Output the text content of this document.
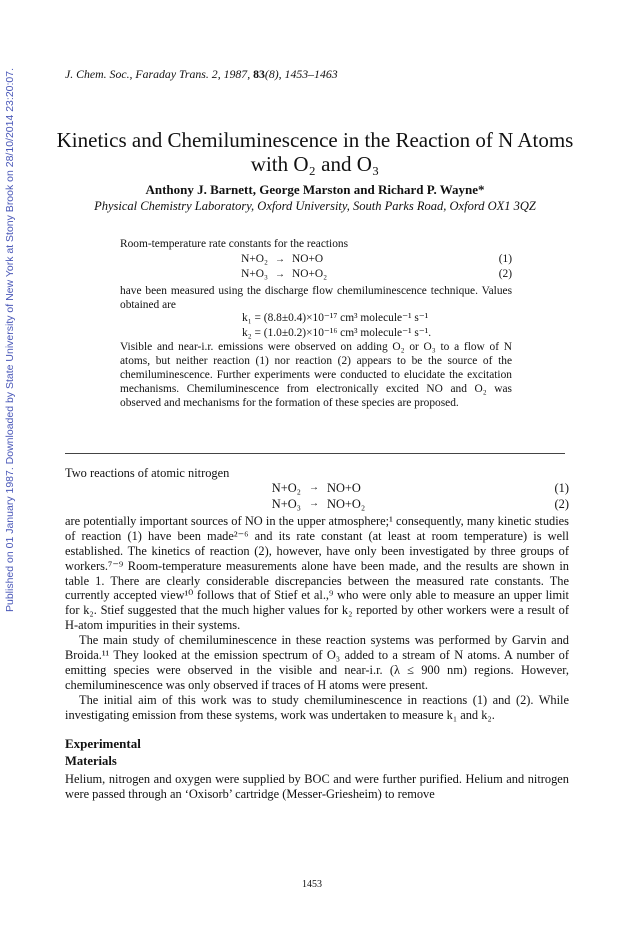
Published on 01 January 1987. Downloaded by State University of New York at Stony Brook on 28/10/2014 23:20:07.	J. Chem. Soc., Faraday Trans. 2, 1987, 83(8), 1453–1463
Kinetics and Chemiluminescence in the Reaction of N Atoms with O₂ and O₃
Anthony J. Barnett, George Marston and Richard P. Wayne*
Physical Chemistry Laboratory, Oxford University, South Parks Road, Oxford OX1 3QZ

Room-temperature rate constants for the reactions

N+O₂ → NO+O	(1)
N+O₃ → NO+O₂	(2)

have been measured using the discharge flow chemiluminescence technique. Values obtained are

k₁ = (8.8±0.4)×10⁻¹⁷ cm³ molecule⁻¹ s⁻¹

k₂ = (1.0±0.2)×10⁻¹⁶ cm³ molecule⁻¹ s⁻¹.

Visible and near-i.r. emissions were observed on adding O₂ or O₃ to a flow of N atoms, but neither reaction (1) nor reaction (2) appears to be the source of the chemiluminescence. Further experiments were conducted to elucidate the excitation mechanisms. Chemiluminescence from electronically excited NO and O₂ was observed and mechanisms for the formation of these species are proposed.

Two reactions of atomic nitrogen

N+O₂ → NO+O	(1)
N+O₃ → NO+O₂	(2)

are potentially important sources of NO in the upper atmosphere;¹ consequently, many kinetic studies of reaction (1) have been made²⁻⁶ and its rate constant (at least at room temperature) is well established. The kinetics of reaction (2), however, have only been investigated by three groups of workers.⁷⁻⁹ Room-temperature measurements alone have been made, and the results are shown in table 1. There are clearly considerable discrepancies between the measured rate constants. The currently accepted view¹⁰ follows that of Stief et al.,⁹ who were only able to measure an upper limit for k₂. Stief suggested that the much higher values for k₂ reported by other workers were a result of H-atom impurities in their systems.

The main study of chemiluminescence in these reaction systems was performed by Garvin and Broida.¹¹ They looked at the emission spectrum of O₃ added to a stream of N atoms. A number of emitting species were observed in the visible and near-i.r. (λ ≤ 900 nm) regions. However, chemiluminescence was only observed if traces of H atoms were present.

The initial aim of this work was to study chemiluminescence in reactions (1) and (2). While investigating emission from these systems, work was undertaken to measure k₁ and k₂.

Experimental

Materials

Helium, nitrogen and oxygen were supplied by BOC and were further purified. Helium and nitrogen were passed through an ‘Oxisorb’ cartridge (Messer-Griesheim) to remove

1453
